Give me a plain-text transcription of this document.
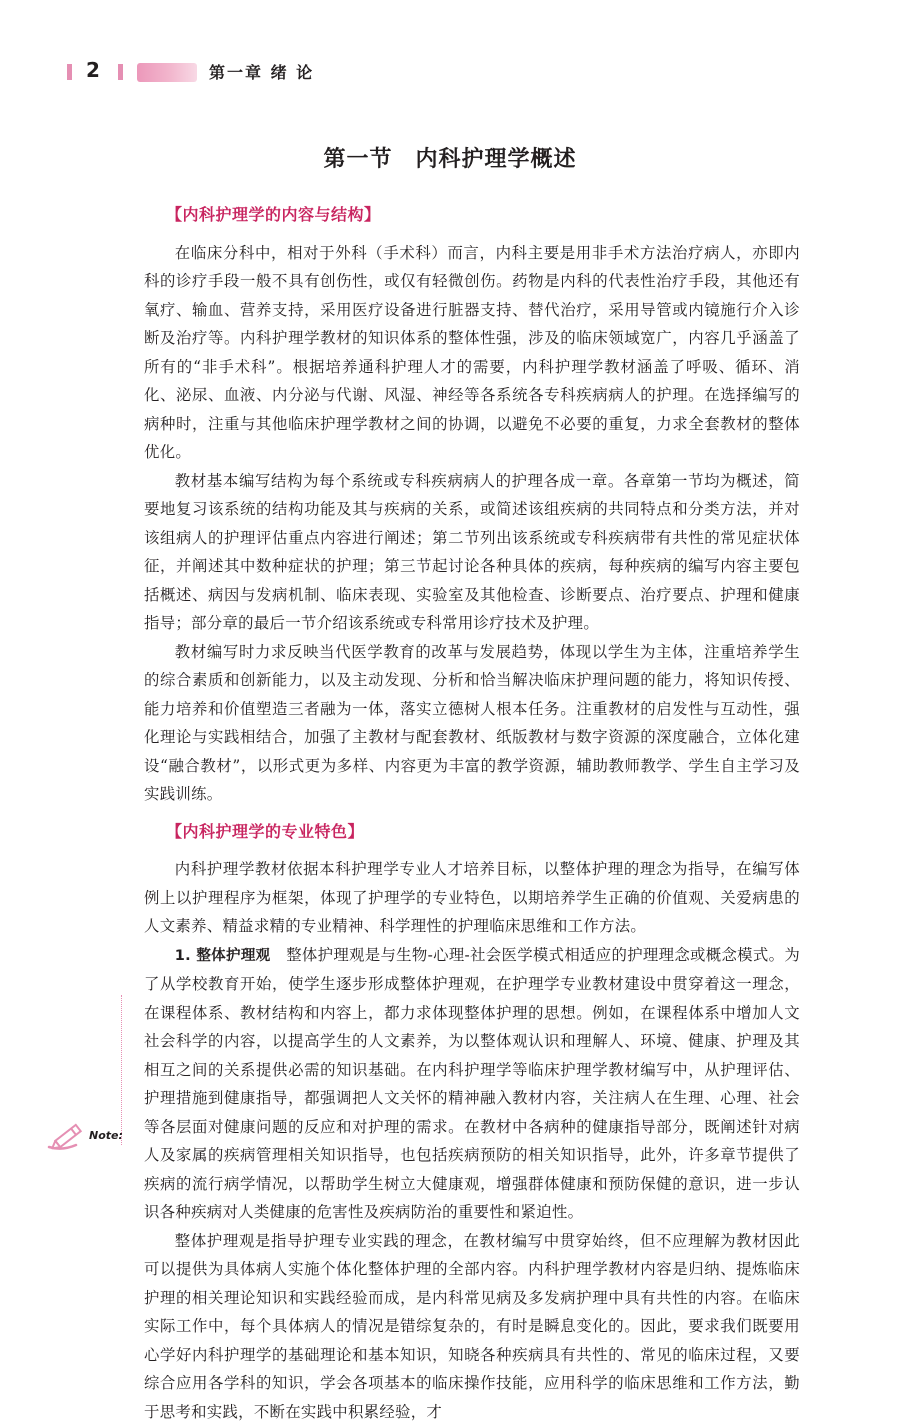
2	第一章 绪 论
第一节　内科护理学概述
【内科护理学的内容与结构】

在临床分科中，相对于外科（手术科）而言，内科主要是用非手术方法治疗病人，亦即内科的诊疗手段一般不具有创伤性，或仅有轻微创伤。药物是内科的代表性治疗手段，其他还有氧疗、输血、营养支持，采用医疗设备进行脏器支持、替代治疗，采用导管或内镜施行介入诊断及治疗等。内科护理学教材的知识体系的整体性强，涉及的临床领域宽广，内容几乎涵盖了所有的“非手术科”。根据培养通科护理人才的需要，内科护理学教材涵盖了呼吸、循环、消化、泌尿、血液、内分泌与代谢、风湿、神经等各系统各专科疾病病人的护理。在选择编写的病种时，注重与其他临床护理学教材之间的协调，以避免不必要的重复，力求全套教材的整体优化。

教材基本编写结构为每个系统或专科疾病病人的护理各成一章。各章第一节均为概述，简要地复习该系统的结构功能及其与疾病的关系，或简述该组疾病的共同特点和分类方法，并对该组病人的护理评估重点内容进行阐述；第二节列出该系统或专科疾病带有共性的常见症状体征，并阐述其中数种症状的护理；第三节起讨论各种具体的疾病，每种疾病的编写内容主要包括概述、病因与发病机制、临床表现、实验室及其他检查、诊断要点、治疗要点、护理和健康指导；部分章的最后一节介绍该系统或专科常用诊疗技术及护理。

教材编写时力求反映当代医学教育的改革与发展趋势，体现以学生为主体，注重培养学生的综合素质和创新能力，以及主动发现、分析和恰当解决临床护理问题的能力，将知识传授、能力培养和价值塑造三者融为一体，落实立德树人根本任务。注重教材的启发性与互动性，强化理论与实践相结合，加强了主教材与配套教材、纸版教材与数字资源的深度融合，立体化建设“融合教材”，以形式更为多样、内容更为丰富的教学资源，辅助教师教学、学生自主学习及实践训练。

【内科护理学的专业特色】

内科护理学教材依据本科护理学专业人才培养目标，以整体护理的理念为指导，在编写体例上以护理程序为框架，体现了护理学的专业特色，以期培养学生正确的价值观、关爱病患的人文素养、精益求精的专业精神、科学理性的护理临床思维和工作方法。

1. 整体护理观　整体护理观是与生物-心理-社会医学模式相适应的护理理念或概念模式。为了从学校教育开始，使学生逐步形成整体护理观，在护理学专业教材建设中贯穿着这一理念，在课程体系、教材结构和内容上，都力求体现整体护理的思想。例如，在课程体系中增加人文社会科学的内容，以提高学生的人文素养，为以整体观认识和理解人、环境、健康、护理及其相互之间的关系提供必需的知识基础。在内科护理学等临床护理学教材编写中，从护理评估、护理措施到健康指导，都强调把人文关怀的精神融入教材内容，关注病人在生理、心理、社会等各层面对健康问题的反应和对护理的需求。在教材中各病种的健康指导部分，既阐述针对病人及家属的疾病管理相关知识指导，也包括疾病预防的相关知识指导，此外，许多章节提供了疾病的流行病学情况，以帮助学生树立大健康观，增强群体健康和预防保健的意识，进一步认识各种疾病对人类健康的危害性及疾病防治的重要性和紧迫性。

整体护理观是指导护理专业实践的理念，在教材编写中贯穿始终，但不应理解为教材因此可以提供为具体病人实施个体化整体护理的全部内容。内科护理学教材内容是归纳、提炼临床护理的相关理论知识和实践经验而成，是内科常见病及多发病护理中具有共性的内容。在临床实际工作中，每个具体病人的情况是错综复杂的，有时是瞬息变化的。因此，要求我们既要用心学好内科护理学的基础理论和基本知识，知晓各种疾病具有共性的、常见的临床过程，又要综合应用各学科的知识，学会各项基本的临床操作技能，应用科学的临床思维和工作方法，勤于思考和实践，不断在实践中积累经验，才

Note:
